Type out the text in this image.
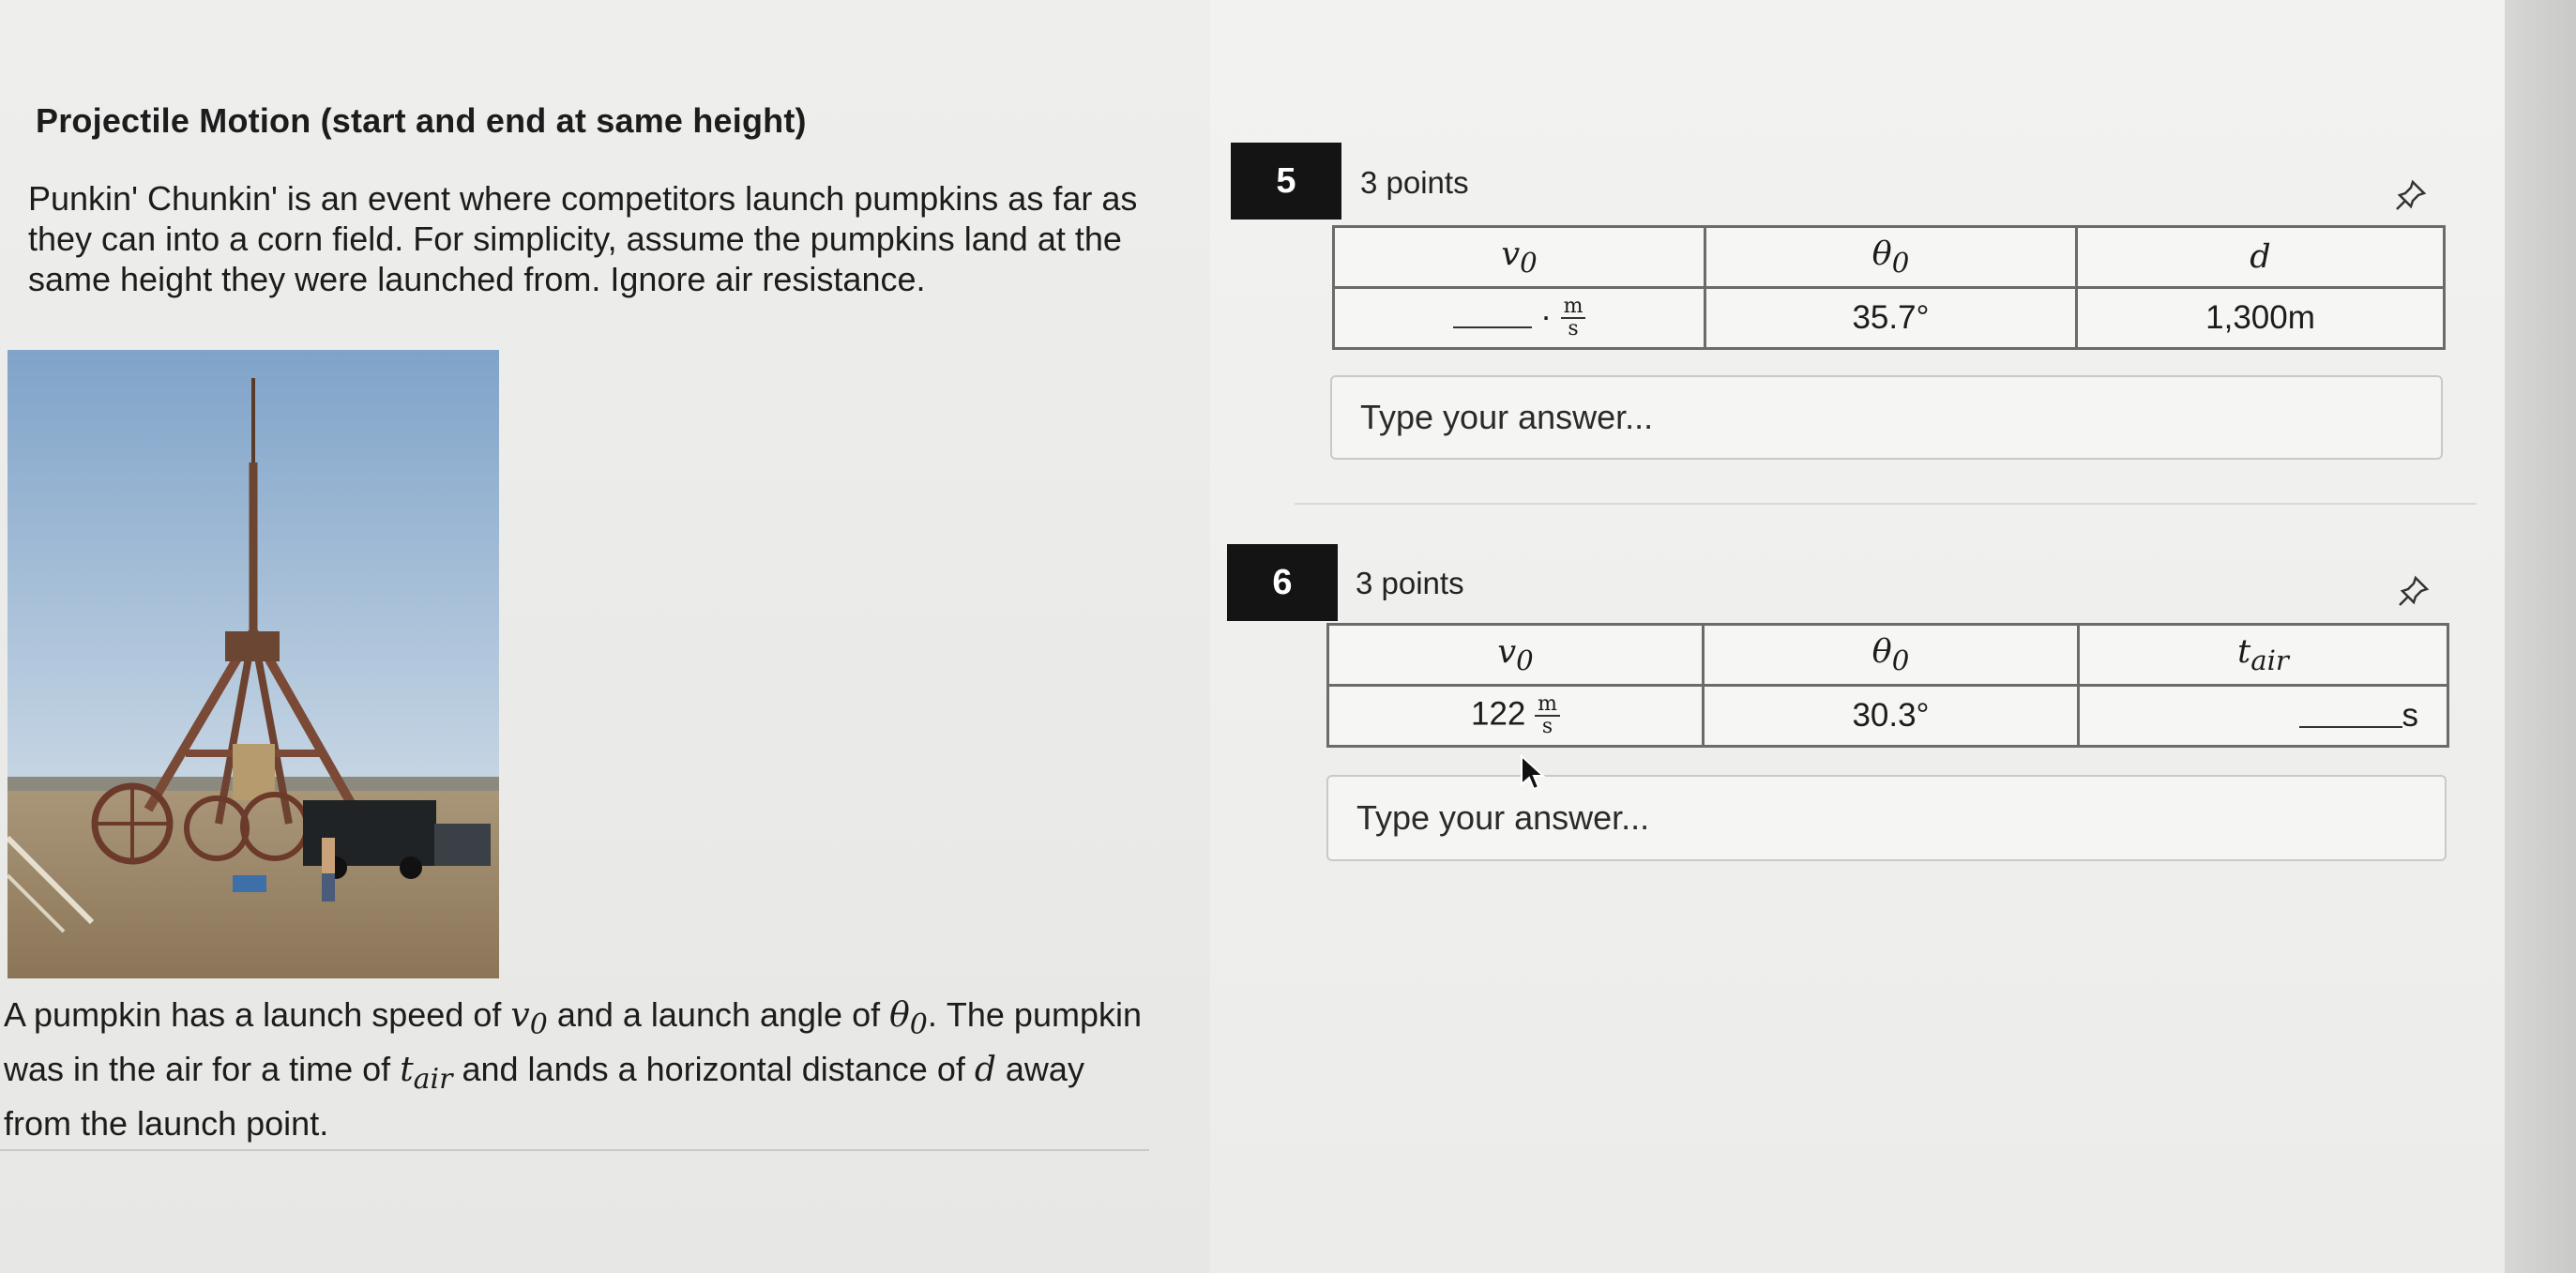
Projectile Motion (start and end at same height)
Punkin' Chunkin' is an event where competitors launch pumpkins as far as they can into a corn field. For simplicity, assume the pumpkins land at the same height they were launched from. Ignore air resistance.
A pumpkin has a launch speed of $v_0$ and a launch angle of $\theta_0$. The pumpkin was in the air for a time of $t_{air}$ and lands a horizontal distance of d away from the launch point.
5	3 points
$v_0$	$\theta_0$	d
· $\frac{m}{s}$	35.7°	1,300m
Type your answer...
6	3 points
$v_0$	$\theta_0$	$t_{air}$
$122 \frac{m}{s}$	30.3°	s
Type your answer...
